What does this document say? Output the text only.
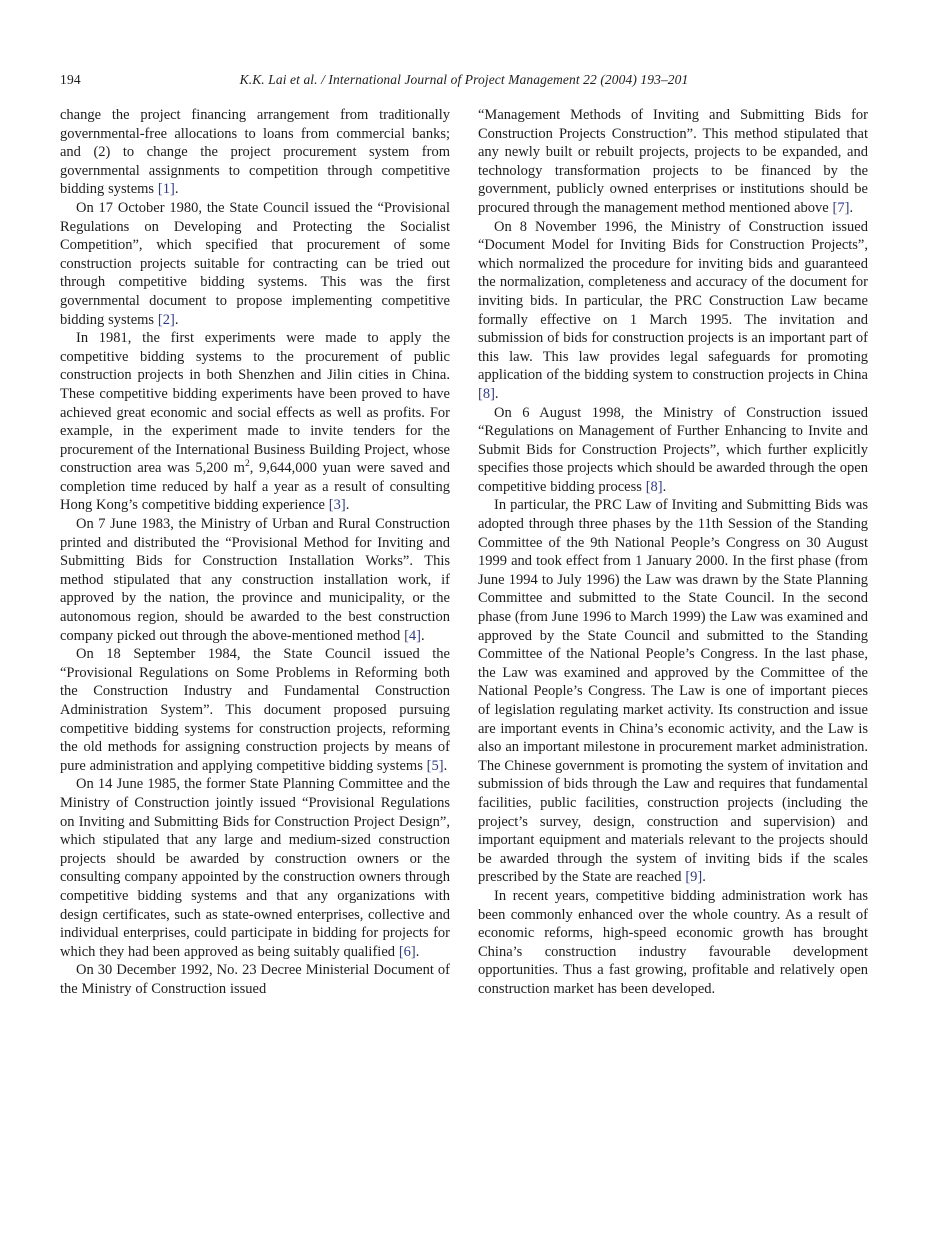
194	K.K. Lai et al. / International Journal of Project Management 22 (2004) 193–201

change the project financing arrangement from traditionally governmental-free allocations to loans from commercial banks; and (2) to change the project procurement system from governmental assignments to competition through competitive bidding systems [1].

On 17 October 1980, the State Council issued the “Provisional Regulations on Developing and Protecting the Socialist Competition”, which specified that procurement of some construction projects suitable for contracting can be tried out through competitive bidding systems. This was the first governmental document to propose implementing competitive bidding systems [2].

In 1981, the first experiments were made to apply the competitive bidding systems to the procurement of public construction projects in both Shenzhen and Jilin cities in China. These competitive bidding experiments have been proved to have achieved great economic and social effects as well as profits. For example, in the experiment made to invite tenders for the procurement of the International Business Building Project, whose construction area was 5,200 $m^2$, 9,644,000 yuan were saved and completion time reduced by half a year as a result of consulting Hong Kong’s competitive bidding experience [3].

On 7 June 1983, the Ministry of Urban and Rural Construction printed and distributed the “Provisional Method for Inviting and Submitting Bids for Construction Installation Works”. This method stipulated that any construction installation work, if approved by the nation, the province and municipality, or the autonomous region, should be awarded to the best construction company picked out through the above-mentioned method [4].

On 18 September 1984, the State Council issued the “Provisional Regulations on Some Problems in Reforming both the Construction Industry and Fundamental Construction Administration System”. This document proposed pursuing competitive bidding systems for construction projects, reforming the old methods for assigning construction projects by means of pure administration and applying competitive bidding systems [5].

On 14 June 1985, the former State Planning Committee and the Ministry of Construction jointly issued “Provisional Regulations on Inviting and Submitting Bids for Construction Project Design”, which stipulated that any large and medium-sized construction projects should be awarded by construction owners or the consulting company appointed by the construction owners through competitive bidding systems and that any organizations with design certificates, such as state-owned enterprises, collective and individual enterprises, could participate in bidding for projects for which they had been approved as being suitably qualified [6].

On 30 December 1992, No. 23 Decree Ministerial Document of the Ministry of Construction issued

“Management Methods of Inviting and Submitting Bids for Construction Projects Construction”. This method stipulated that any newly built or rebuilt projects, projects to be expanded, and technology transformation projects to be financed by the government, publicly owned enterprises or institutions should be procured through the management method mentioned above [7].

On 8 November 1996, the Ministry of Construction issued “Document Model for Inviting Bids for Construction Projects”, which normalized the procedure for inviting bids and guaranteed the normalization, completeness and accuracy of the document for inviting bids. In particular, the PRC Construction Law became formally effective on 1 March 1995. The invitation and submission of bids for construction projects is an important part of this law. This law provides legal safeguards for promoting application of the bidding system to construction projects in China [8].

On 6 August 1998, the Ministry of Construction issued “Regulations on Management of Further Enhancing to Invite and Submit Bids for Construction Projects”, which further explicitly specifies those projects which should be awarded through the open competitive bidding process [8].

In particular, the PRC Law of Inviting and Submitting Bids was adopted through three phases by the 11th Session of the Standing Committee of the 9th National People’s Congress on 30 August 1999 and took effect from 1 January 2000. In the first phase (from June 1994 to July 1996) the Law was drawn by the State Planning Committee and submitted to the State Council. In the second phase (from June 1996 to March 1999) the Law was examined and approved by the State Council and submitted to the Standing Committee of the National People’s Congress. In the last phase, the Law was examined and approved by the Committee of the National People’s Congress. The Law is one of important pieces of legislation regulating market activity. Its construction and issue are important events in China’s economic activity, and the Law is also an important milestone in procurement market administration. The Chinese government is promoting the system of invitation and submission of bids through the Law and requires that fundamental facilities, public facilities, construction projects (including the project’s survey, design, construction and supervision) and important equipment and materials relevant to the projects should be awarded through the system of inviting bids if the scales prescribed by the State are reached [9].

In recent years, competitive bidding administration work has been commonly enhanced over the whole country. As a result of economic reforms, high-speed economic growth has brought China’s construction industry favourable development opportunities. Thus a fast growing, profitable and relatively open construction market has been developed.
